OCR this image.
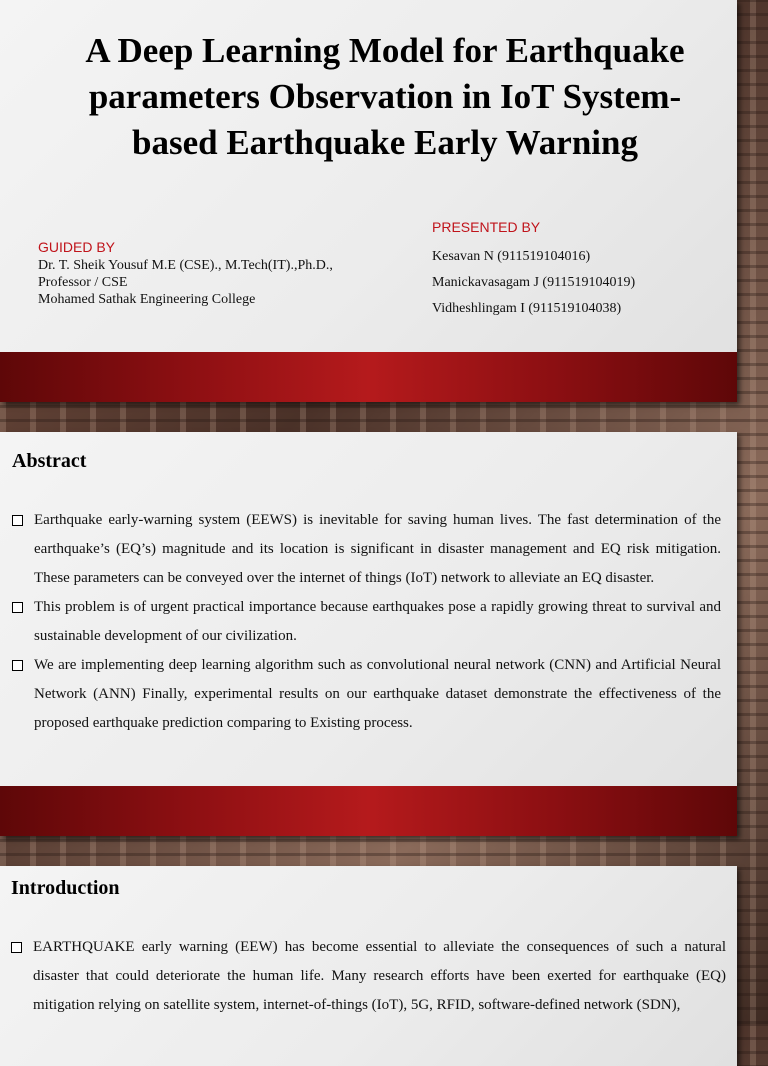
A Deep Learning Model for Earthquake
parameters Observation in IoT System-
based Earthquake Early Warning
GUIDED BY
Dr. T. Sheik Yousuf M.E (CSE)., M.Tech(IT).,Ph.D.,
Professor / CSE
Mohamed Sathak Engineering College
PRESENTED BY
Kesavan N (911519104016)
Manickavasagam J (911519104019)
Vidheshlingam I (911519104038)
Abstract
Earthquake early-warning system (EEWS) is inevitable for saving human lives. The fast determination of the earthquake’s (EQ’s) magnitude and its location is significant in disaster management and EQ risk mitigation. These parameters can be conveyed over the internet of things (IoT) network to alleviate an EQ disaster.
This problem is of urgent practical importance because earthquakes pose a rapidly growing threat to survival and sustainable development of our civilization.
We are implementing deep learning algorithm such as convolutional neural network (CNN) and Artificial Neural Network (ANN) Finally, experimental results on our earthquake dataset demonstrate the effectiveness of the proposed earthquake prediction comparing to Existing process.
Introduction
EARTHQUAKE early warning (EEW) has become essential to alleviate the consequences of such a natural disaster that could deteriorate the human life. Many research efforts have been exerted for earthquake (EQ) mitigation relying on satellite system, internet-of-things (IoT), 5G, RFID, software-defined network (SDN),
